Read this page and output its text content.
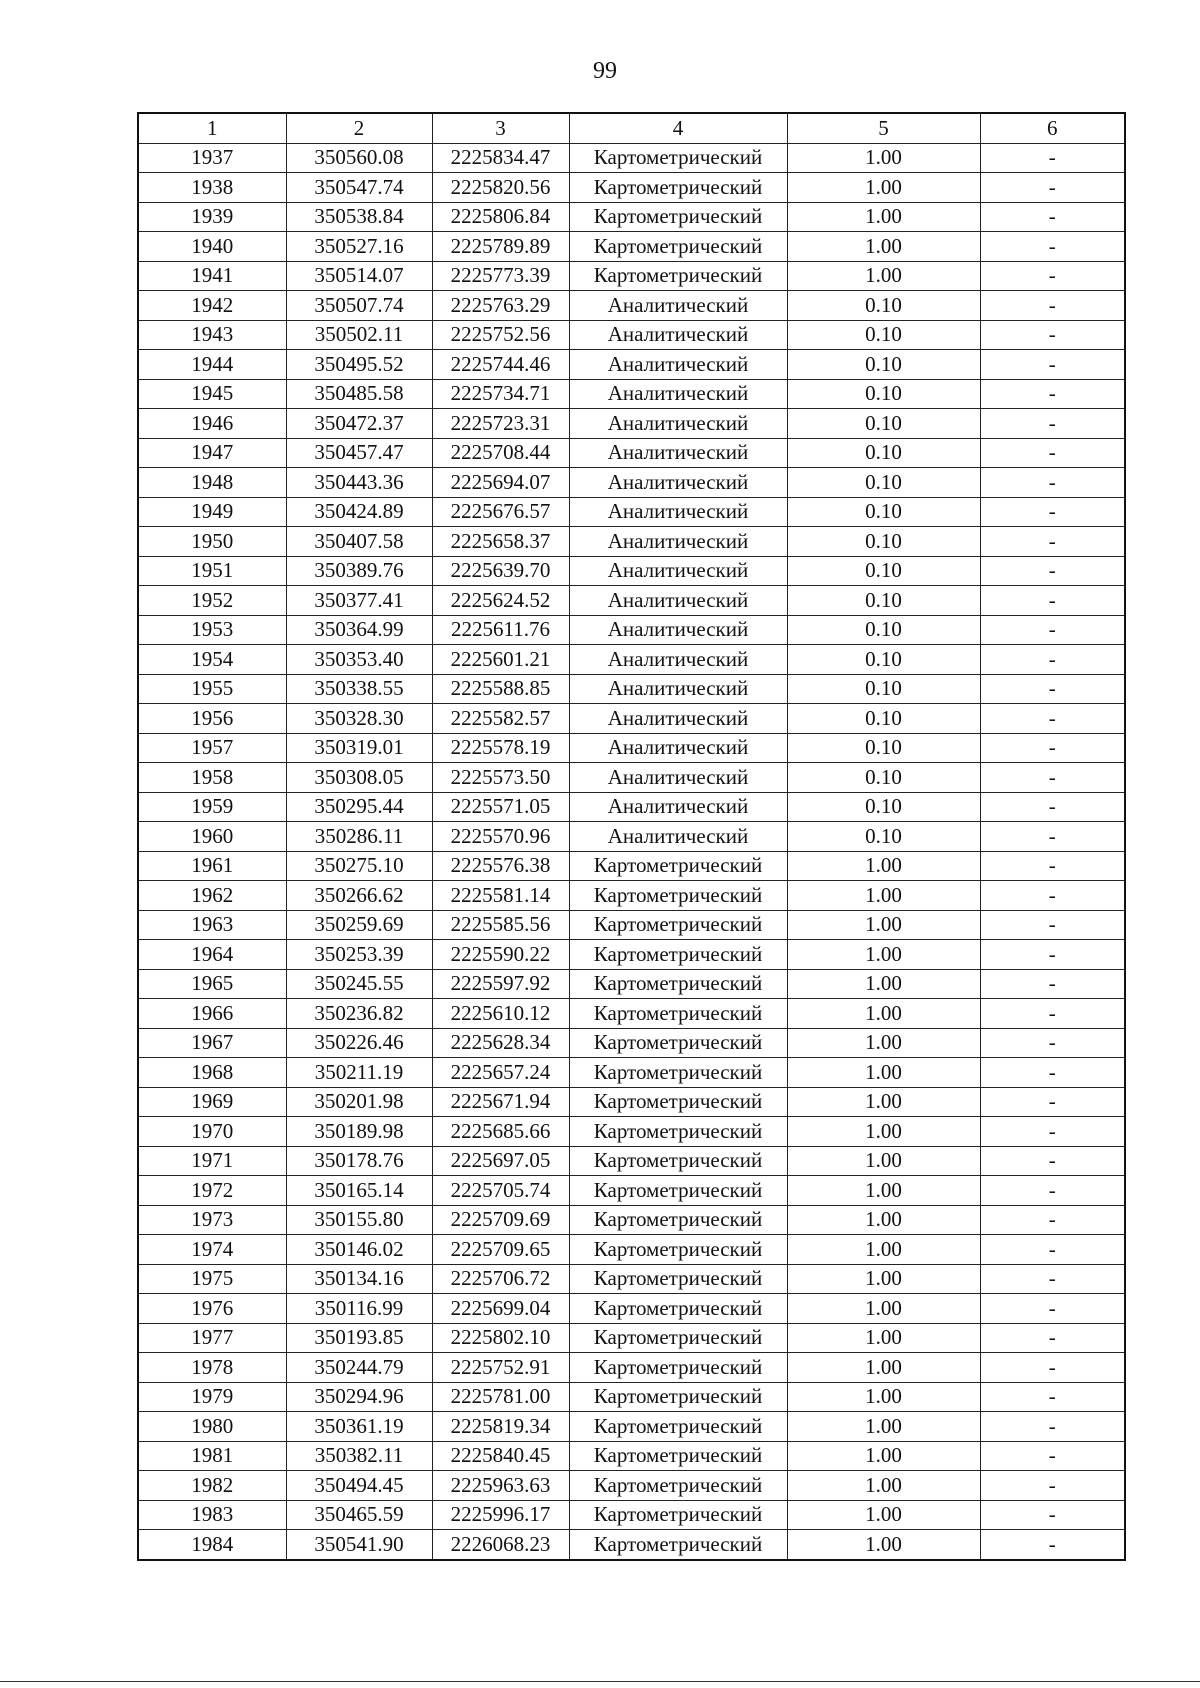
99
1	2	3	4	5	6
1937	350560.08	2225834.47	Картометрический	1.00	-
1938	350547.74	2225820.56	Картометрический	1.00	-
1939	350538.84	2225806.84	Картометрический	1.00	-
1940	350527.16	2225789.89	Картометрический	1.00	-
1941	350514.07	2225773.39	Картометрический	1.00	-
1942	350507.74	2225763.29	Аналитический	0.10	-
1943	350502.11	2225752.56	Аналитический	0.10	-
1944	350495.52	2225744.46	Аналитический	0.10	-
1945	350485.58	2225734.71	Аналитический	0.10	-
1946	350472.37	2225723.31	Аналитический	0.10	-
1947	350457.47	2225708.44	Аналитический	0.10	-
1948	350443.36	2225694.07	Аналитический	0.10	-
1949	350424.89	2225676.57	Аналитический	0.10	-
1950	350407.58	2225658.37	Аналитический	0.10	-
1951	350389.76	2225639.70	Аналитический	0.10	-
1952	350377.41	2225624.52	Аналитический	0.10	-
1953	350364.99	2225611.76	Аналитический	0.10	-
1954	350353.40	2225601.21	Аналитический	0.10	-
1955	350338.55	2225588.85	Аналитический	0.10	-
1956	350328.30	2225582.57	Аналитический	0.10	-
1957	350319.01	2225578.19	Аналитический	0.10	-
1958	350308.05	2225573.50	Аналитический	0.10	-
1959	350295.44	2225571.05	Аналитический	0.10	-
1960	350286.11	2225570.96	Аналитический	0.10	-
1961	350275.10	2225576.38	Картометрический	1.00	-
1962	350266.62	2225581.14	Картометрический	1.00	-
1963	350259.69	2225585.56	Картометрический	1.00	-
1964	350253.39	2225590.22	Картометрический	1.00	-
1965	350245.55	2225597.92	Картометрический	1.00	-
1966	350236.82	2225610.12	Картометрический	1.00	-
1967	350226.46	2225628.34	Картометрический	1.00	-
1968	350211.19	2225657.24	Картометрический	1.00	-
1969	350201.98	2225671.94	Картометрический	1.00	-
1970	350189.98	2225685.66	Картометрический	1.00	-
1971	350178.76	2225697.05	Картометрический	1.00	-
1972	350165.14	2225705.74	Картометрический	1.00	-
1973	350155.80	2225709.69	Картометрический	1.00	-
1974	350146.02	2225709.65	Картометрический	1.00	-
1975	350134.16	2225706.72	Картометрический	1.00	-
1976	350116.99	2225699.04	Картометрический	1.00	-
1977	350193.85	2225802.10	Картометрический	1.00	-
1978	350244.79	2225752.91	Картометрический	1.00	-
1979	350294.96	2225781.00	Картометрический	1.00	-
1980	350361.19	2225819.34	Картометрический	1.00	-
1981	350382.11	2225840.45	Картометрический	1.00	-
1982	350494.45	2225963.63	Картометрический	1.00	-
1983	350465.59	2225996.17	Картометрический	1.00	-
1984	350541.90	2226068.23	Картометрический	1.00	-
